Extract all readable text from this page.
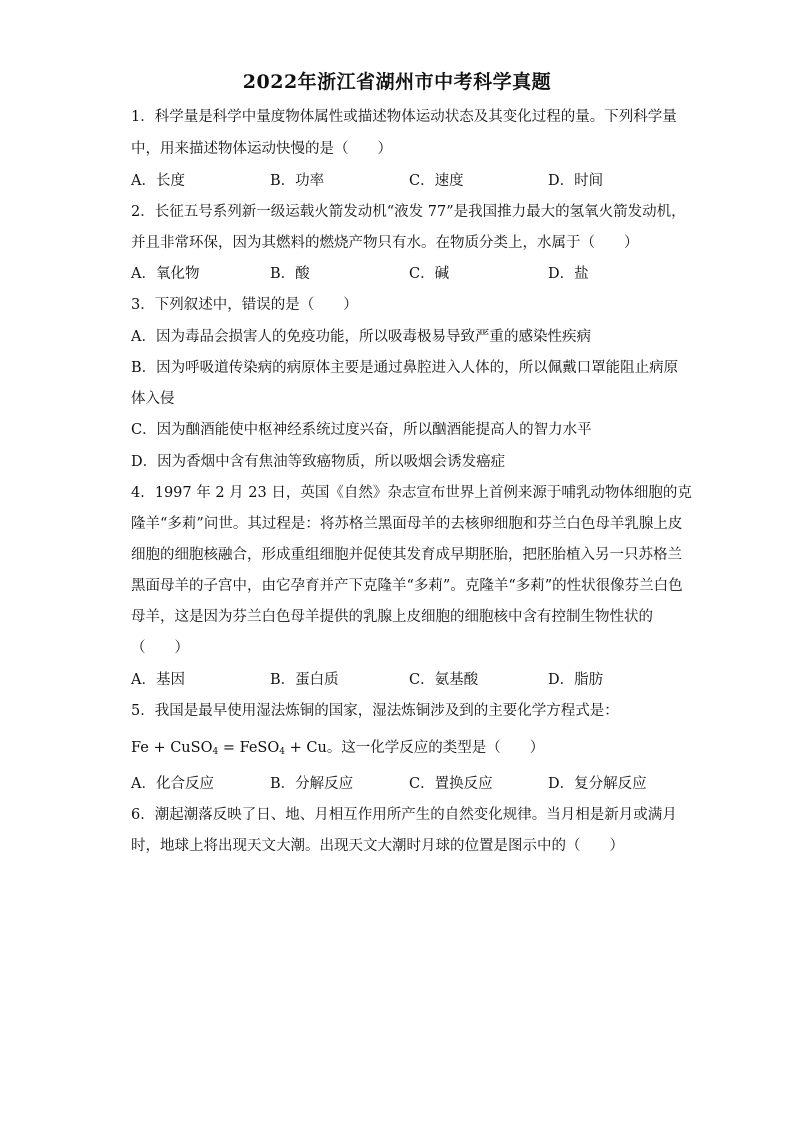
2022年浙江省湖州市中考科学真题
1．科学量是科学中量度物体属性或描述物体运动状态及其变化过程的量。下列科学量
中，用来描述物体运动快慢的是（　　）
A．长度	B．功率	C．速度	D．时间
2．长征五号系列新一级运载火箭发动机“液发 77”是我国推力最大的氢氧火箭发动机，
并且非常环保，因为其燃料的燃烧产物只有水。在物质分类上，水属于（　　）
A．氧化物	B．酸	C．碱	D．盐
3．下列叙述中，错误的是（　　）
A．因为毒品会损害人的免疫功能，所以吸毒极易导致严重的感染性疾病
B．因为呼吸道传染病的病原体主要是通过鼻腔进入人体的，所以佩戴口罩能阻止病原
体入侵
C．因为酗酒能使中枢神经系统过度兴奋，所以酗酒能提高人的智力水平
D．因为香烟中含有焦油等致癌物质，所以吸烟会诱发癌症
4．1997 年 2 月 23 日，英国《自然》杂志宣布世界上首例来源于哺乳动物体细胞的克
隆羊“多莉”问世。其过程是：将苏格兰黑面母羊的去核卵细胞和芬兰白色母羊乳腺上皮
细胞的细胞核融合，形成重组细胞并促使其发育成早期胚胎，把胚胎植入另一只苏格兰
黑面母羊的子宫中，由它孕育并产下克隆羊“多莉”。克隆羊“多莉”的性状很像芬兰白色
母羊，这是因为芬兰白色母羊提供的乳腺上皮细胞的细胞核中含有控制生物性状的
（　　）
A．基因	B．蛋白质	C．氨基酸	D．脂肪
5．我国是最早使用湿法炼铜的国家，湿法炼铜涉及到的主要化学方程式是：
Fe + CuSO$_4$ = FeSO$_4$ + Cu。这一化学反应的类型是（　　）
A．化合反应	B．分解反应	C．置换反应	D．复分解反应
6．潮起潮落反映了日、地、月相互作用所产生的自然变化规律。当月相是新月或满月
时，地球上将出现天文大潮。出现天文大潮时月球的位置是图示中的（　　）
